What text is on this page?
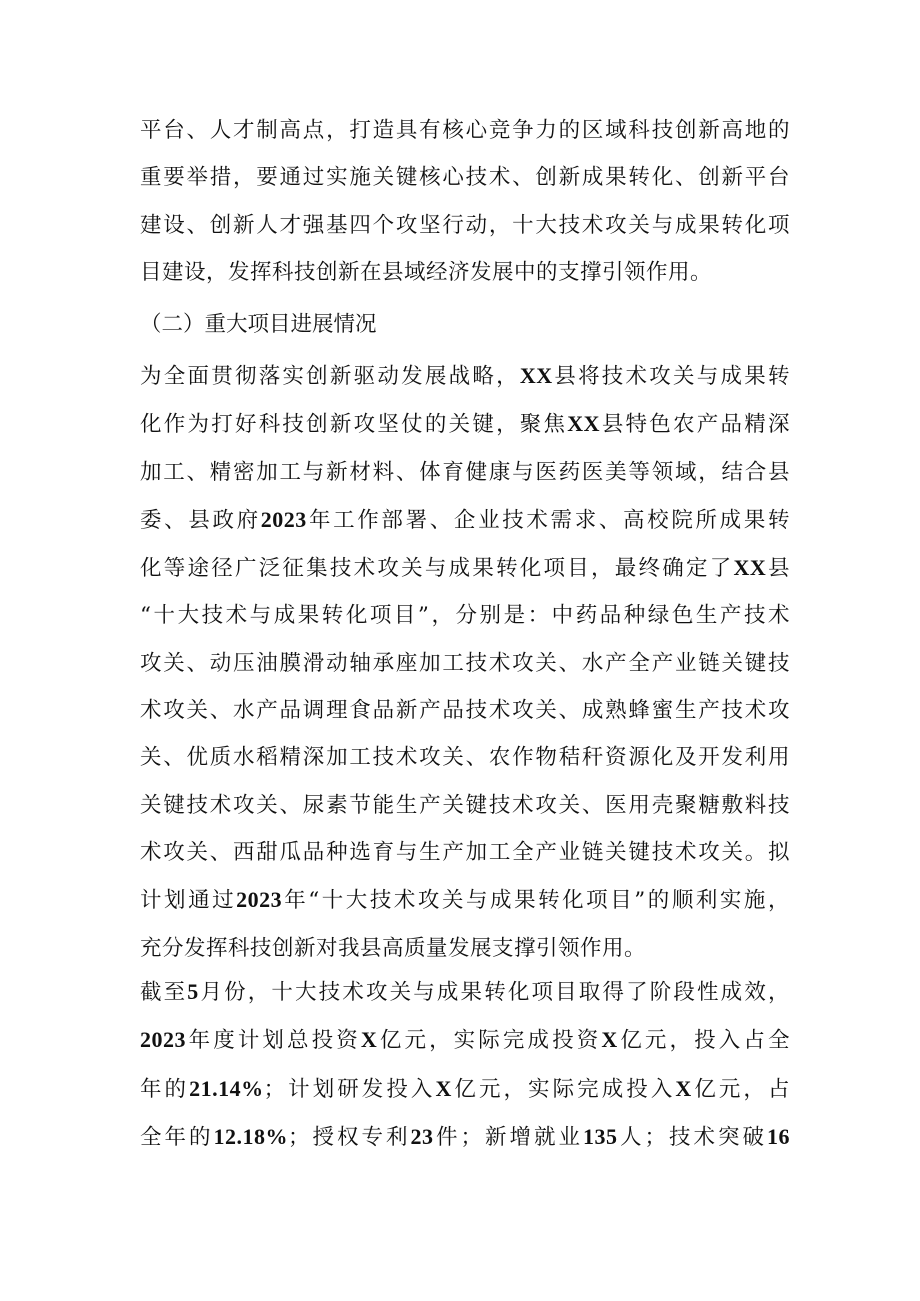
平台、人才制高点，打造具有核心竞争力的区域科技创新高地的
重要举措，要通过实施关键核心技术、创新成果转化、创新平台
建设、创新人才强基四个攻坚行动，十大技术攻关与成果转化项
目建设，发挥科技创新在县域经济发展中的支撑引领作用。
（二）重大项目进展情况
为全面贯彻落实创新驱动发展战略，XX县将技术攻关与成果转
化作为打好科技创新攻坚仗的关键，聚焦XX县特色农产品精深
加工、精密加工与新材料、体育健康与医药医美等领域，结合县
委、县政府2023年工作部署、企业技术需求、高校院所成果转
化等途径广泛征集技术攻关与成果转化项目，最终确定了XX县
“十大技术与成果转化项目”，分别是：中药品种绿色生产技术
攻关、动压油膜滑动轴承座加工技术攻关、水产全产业链关键技
术攻关、水产品调理食品新产品技术攻关、成熟蜂蜜生产技术攻
关、优质水稻精深加工技术攻关、农作物秸秆资源化及开发利用
关键技术攻关、尿素节能生产关键技术攻关、医用壳聚糖敷料技
术攻关、西甜瓜品种选育与生产加工全产业链关键技术攻关。拟
计划通过2023年“十大技术攻关与成果转化项目”的顺利实施，
充分发挥科技创新对我县高质量发展支撑引领作用。
截至5月份，十大技术攻关与成果转化项目取得了阶段性成效，
2023年度计划总投资X亿元，实际完成投资X亿元，投入占全
年的21.14%；计划研发投入X亿元，实际完成投入X亿元，占
全年的12.18%；授权专利23件；新增就业135人；技术突破16
